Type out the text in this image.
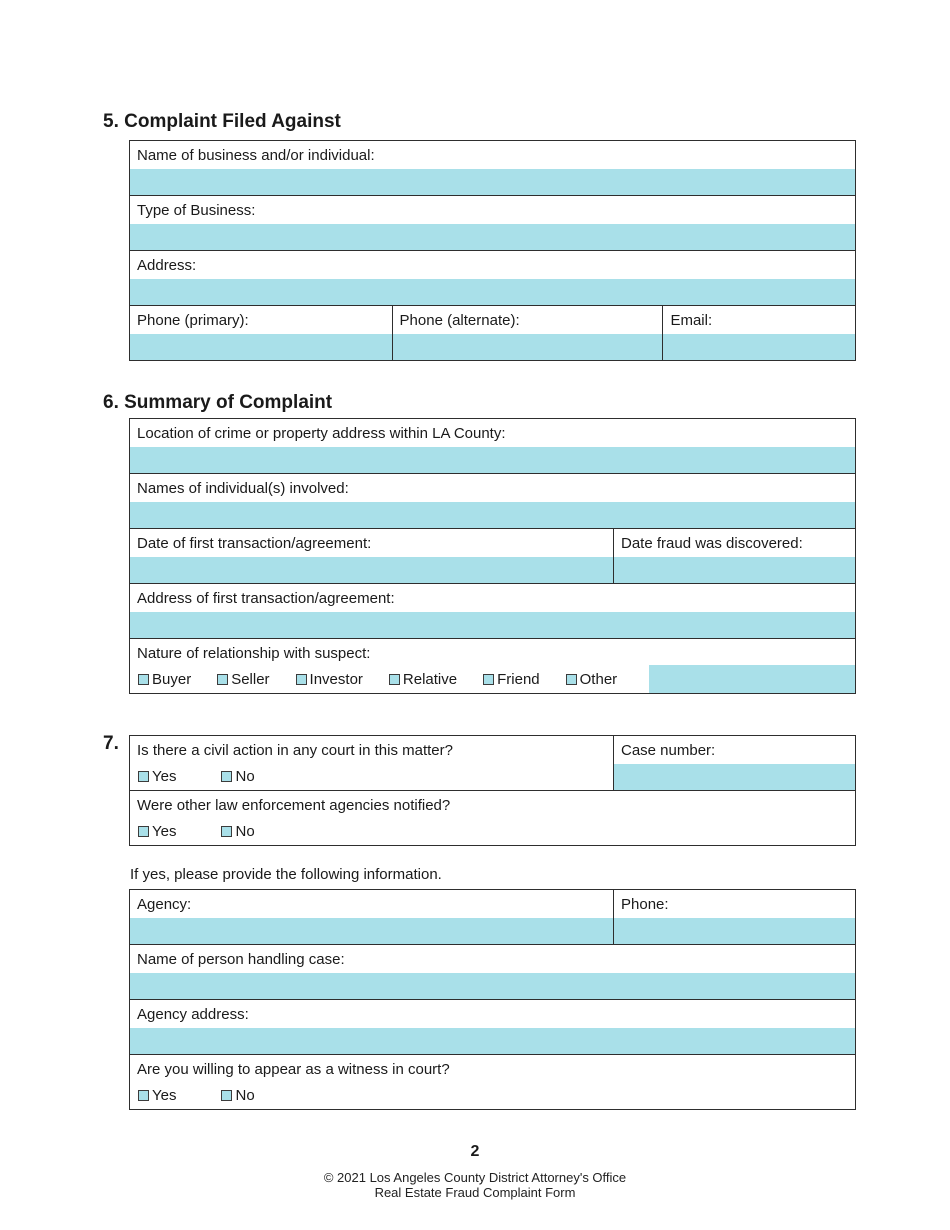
5. Complaint Filed Against
Name of business and/or individual:
Type of Business:
Address:
Phone (primary):	Phone (alternate):	Email:
6. Summary of Complaint
Location of crime or property address within LA County:
Names of individual(s) involved:
Date of first transaction/agreement:	Date fraud was discovered:
Address of first transaction/agreement:
Nature of relationship with suspect:
Buyer	Seller	Investor	Relative	Friend	Other
7.	Is there a civil action in any court in this matter?
Yes	No
Case number:
Were other law enforcement agencies notified?
Yes	No
If yes, please provide the following information.
Agency:	Phone:
Name of person handling case:
Agency address:
Are you willing to appear as a witness in court?
Yes	No
2
© 2021 Los Angeles County District Attorney's Office
Real Estate Fraud Complaint Form
